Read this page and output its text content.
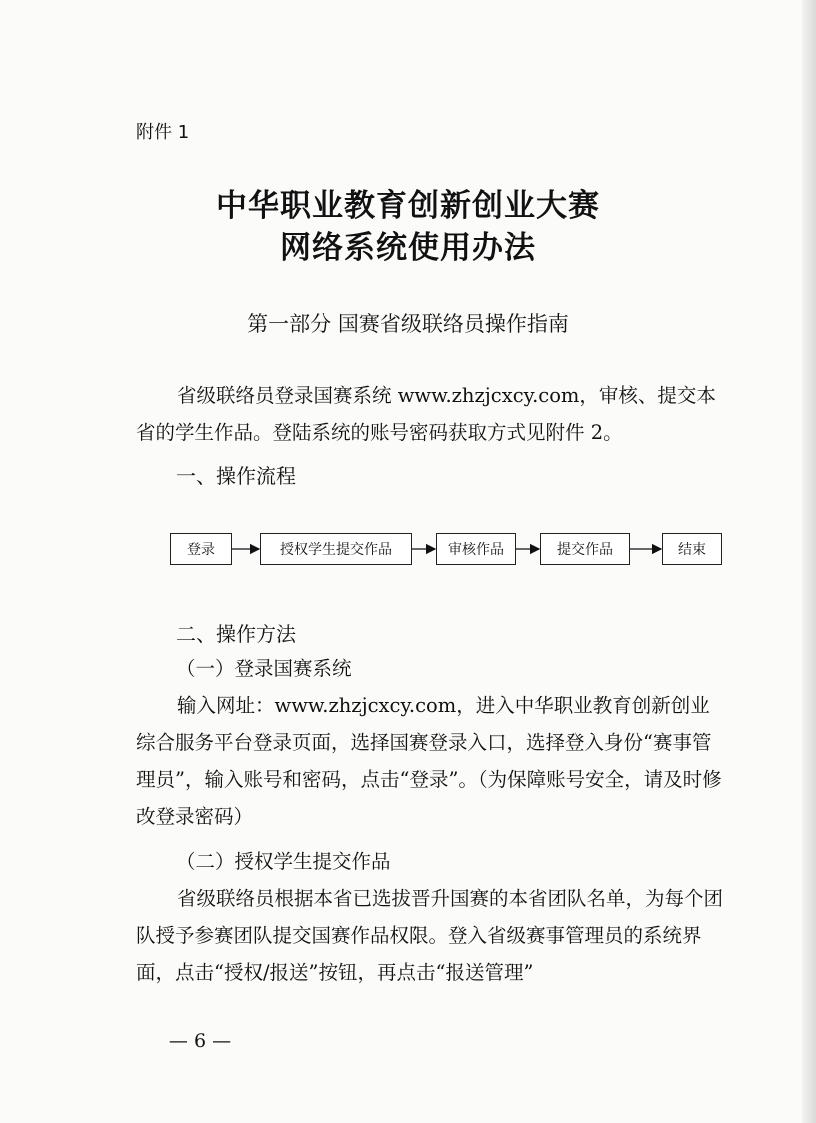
附件 1
中华职业教育创新创业大赛
网络系统使用办法
第一部分 国赛省级联络员操作指南
省级联络员登录国赛系统 www.zhzjcxcy.com，审核、提交本省的学生作品。登陆系统的账号密码获取方式见附件 2。
一、操作流程
登录	授权学生提交作品	审核作品	提交作品	结束
二、操作方法
（一）登录国赛系统
输入网址：www.zhzjcxcy.com，进入中华职业教育创新创业综合服务平台登录页面，选择国赛登录入口，选择登入身份“赛事管理员”，输入账号和密码，点击“登录”。（为保障账号安全，请及时修改登录密码）
（二）授权学生提交作品
省级联络员根据本省已选拔晋升国赛的本省团队名单，为每个团队授予参赛团队提交国赛作品权限。登入省级赛事管理员的系统界面，点击“授权/报送”按钮，再点击“报送管理”
— 6 —
